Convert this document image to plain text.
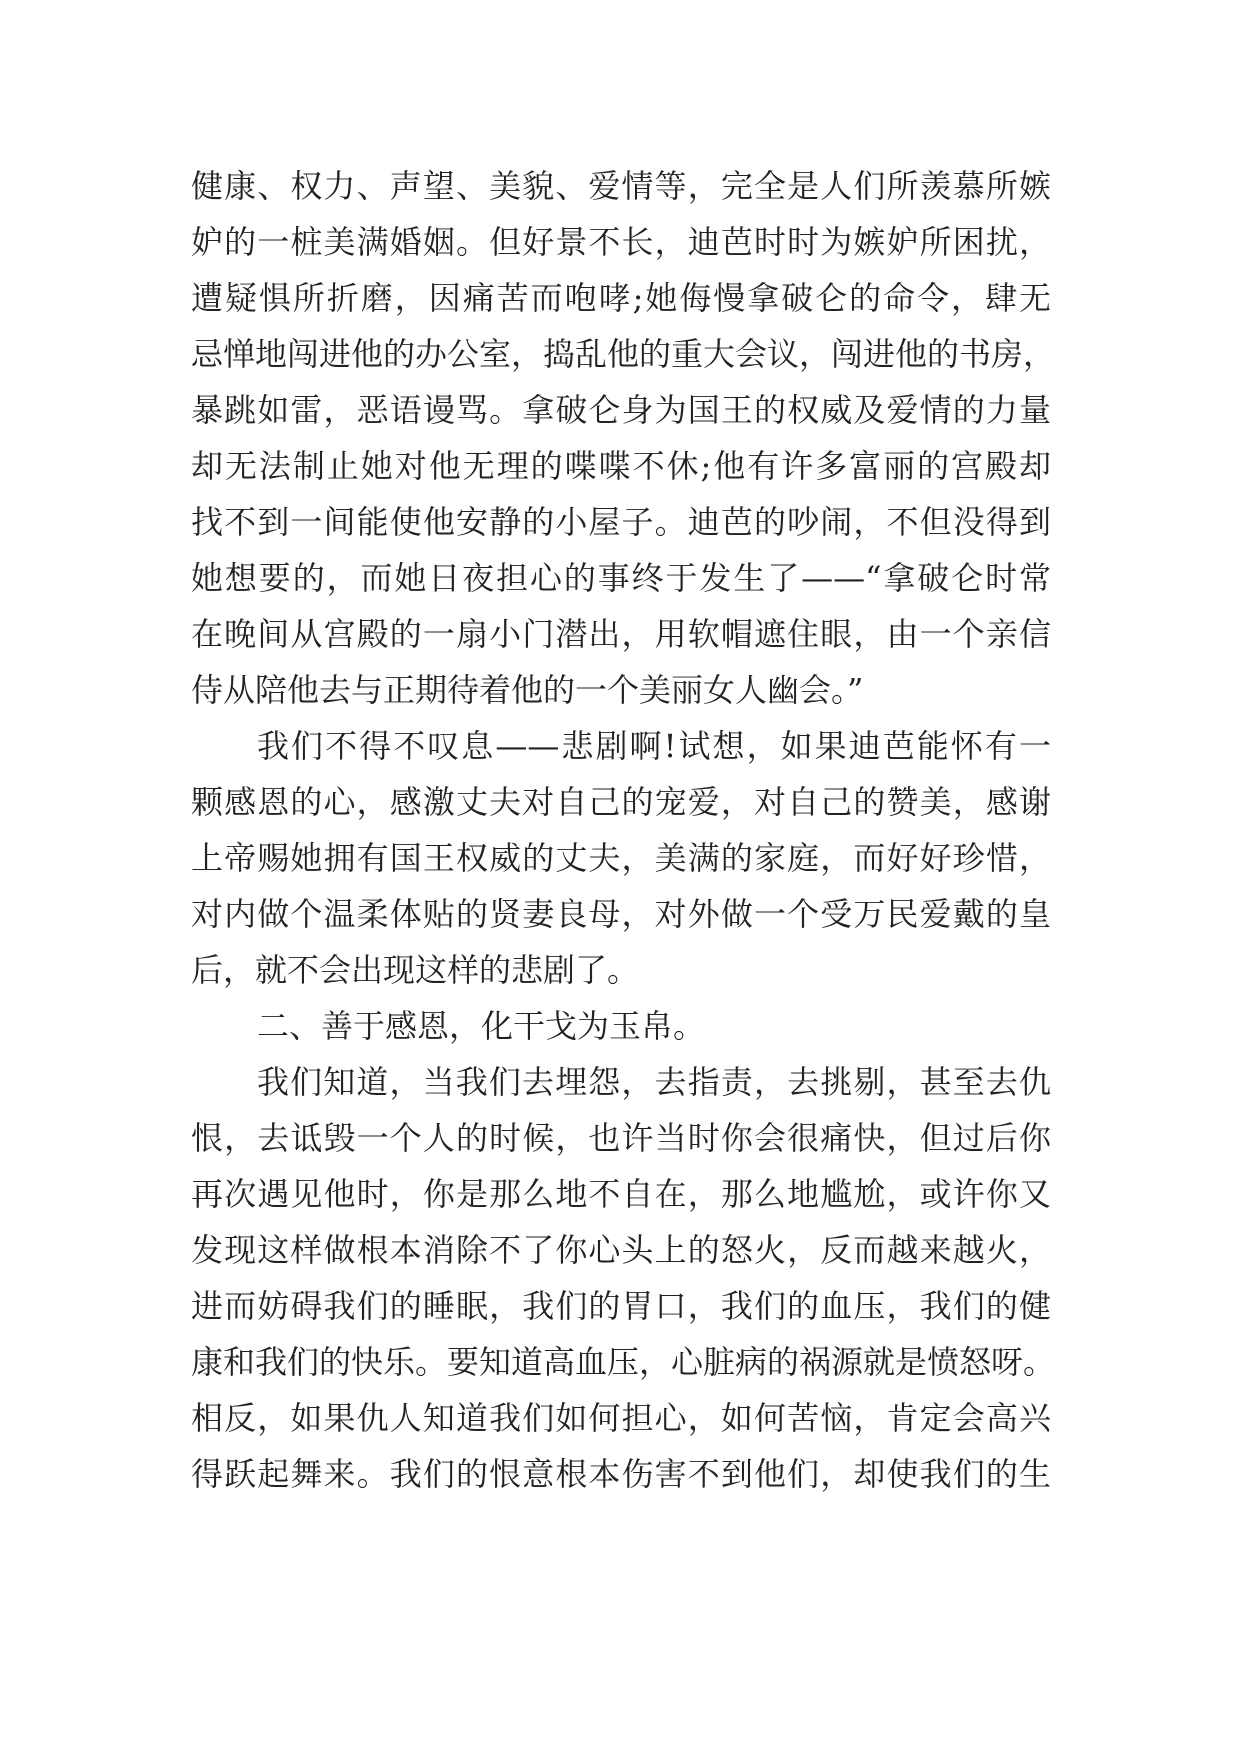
健康、权力、声望、美貌、爱情等，完全是人们所羡慕所嫉
妒的一桩美满婚姻。但好景不长，迪芭时时为嫉妒所困扰，
遭疑惧所折磨，因痛苦而咆哮;她侮慢拿破仑的命令，肆无
忌惮地闯进他的办公室，捣乱他的重大会议，闯进他的书房，
暴跳如雷，恶语谩骂。拿破仑身为国王的权威及爱情的力量
却无法制止她对他无理的喋喋不休;他有许多富丽的宫殿却
找不到一间能使他安静的小屋子。迪芭的吵闹，不但没得到
她想要的，而她日夜担心的事终于发生了——“拿破仑时常
在晚间从宫殿的一扇小门潜出，用软帽遮住眼，由一个亲信
侍从陪他去与正期待着他的一个美丽女人幽会。”
我们不得不叹息——悲剧啊!试想，如果迪芭能怀有一
颗感恩的心，感激丈夫对自己的宠爱，对自己的赞美，感谢
上帝赐她拥有国王权威的丈夫，美满的家庭，而好好珍惜，
对内做个温柔体贴的贤妻良母，对外做一个受万民爱戴的皇
后，就不会出现这样的悲剧了。
二、善于感恩，化干戈为玉帛。
我们知道，当我们去埋怨，去指责，去挑剔，甚至去仇
恨，去诋毁一个人的时候，也许当时你会很痛快，但过后你
再次遇见他时，你是那么地不自在，那么地尴尬，或许你又
发现这样做根本消除不了你心头上的怒火，反而越来越火，
进而妨碍我们的睡眠，我们的胃口，我们的血压，我们的健
康和我们的快乐。要知道高血压，心脏病的祸源就是愤怒呀。
相反，如果仇人知道我们如何担心，如何苦恼，肯定会高兴
得跃起舞来。我们的恨意根本伤害不到他们，却使我们的生
